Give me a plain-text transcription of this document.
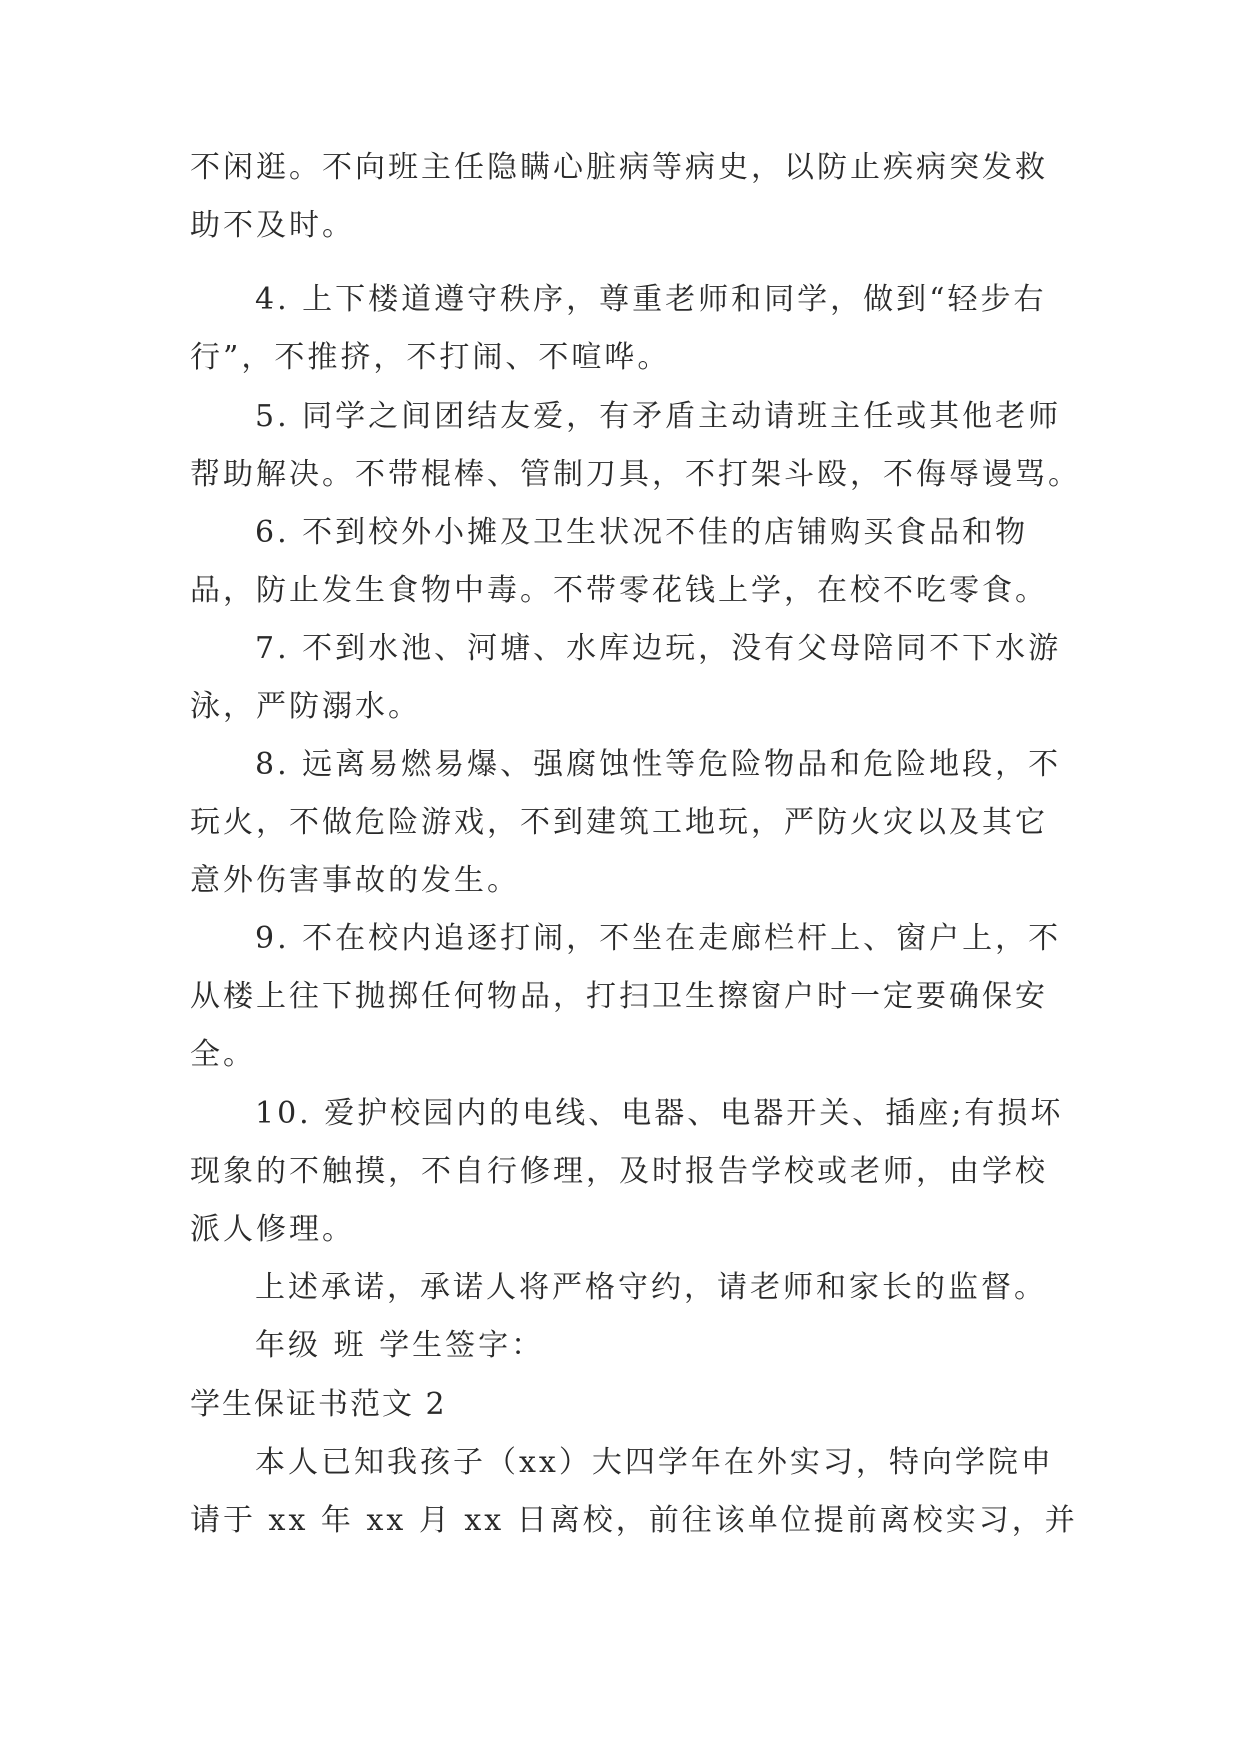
不闲逛。不向班主任隐瞒心脏病等病史，以防止疾病突发救
助不及时。
4. 上下楼道遵守秩序，尊重老师和同学，做到“轻步右
行”，不推挤，不打闹、不喧哗。
5. 同学之间团结友爱，有矛盾主动请班主任或其他老师
帮助解决。不带棍棒、管制刀具，不打架斗殴，不侮辱谩骂。
6. 不到校外小摊及卫生状况不佳的店铺购买食品和物
品，防止发生食物中毒。不带零花钱上学，在校不吃零食。
7. 不到水池、河塘、水库边玩，没有父母陪同不下水游
泳，严防溺水。
8. 远离易燃易爆、强腐蚀性等危险物品和危险地段，不
玩火，不做危险游戏，不到建筑工地玩，严防火灾以及其它
意外伤害事故的发生。
9. 不在校内追逐打闹，不坐在走廊栏杆上、窗户上，不
从楼上往下抛掷任何物品，打扫卫生擦窗户时一定要确保安
全。
10. 爱护校园内的电线、电器、电器开关、插座;有损坏
现象的不触摸，不自行修理，及时报告学校或老师，由学校
派人修理。
上述承诺，承诺人将严格守约，请老师和家长的监督。
年级 班 学生签字：
学生保证书范文 2
本人已知我孩子（xx）大四学年在外实习，特向学院申
请于 xx 年 xx 月 xx 日离校，前往该单位提前离校实习，并
